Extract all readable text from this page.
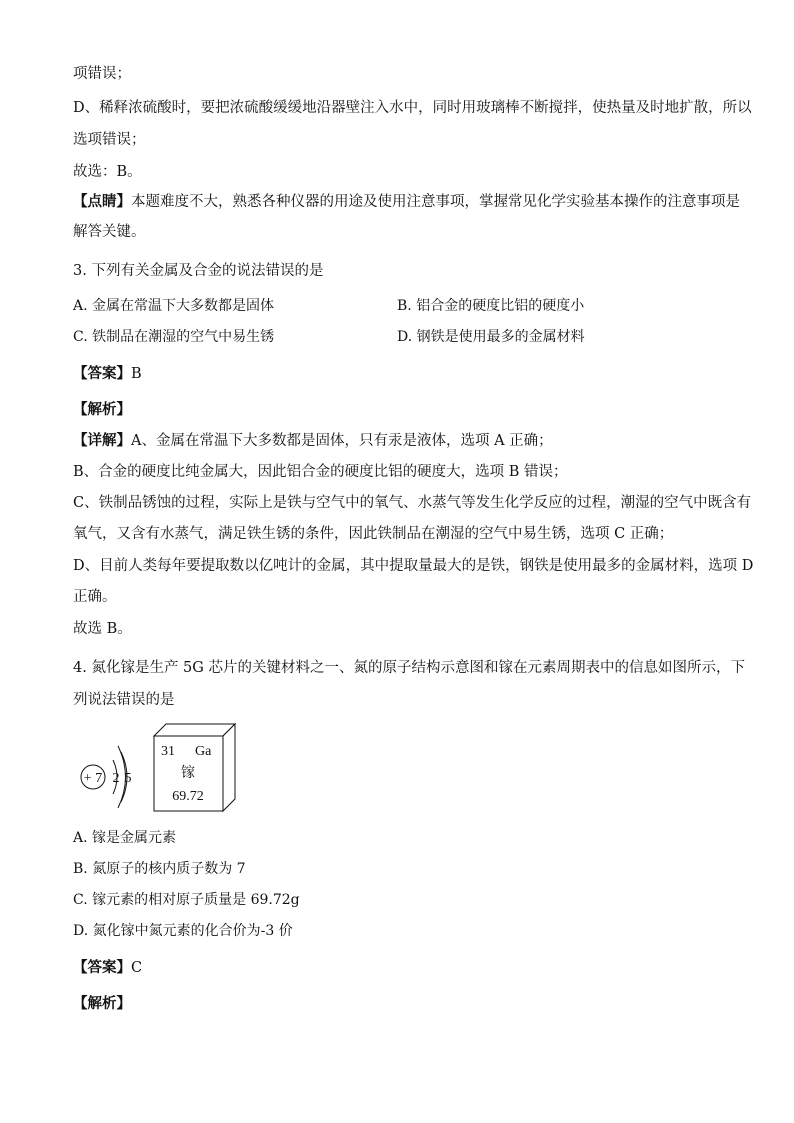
项错误；
D、稀释浓硫酸时，要把浓硫酸缓缓地沿器壁注入水中，同时用玻璃棒不断搅拌，使热量及时地扩散，所以
选项错误；
故选：B。
【 点睛 】 本题难度不大，熟悉各种仪器的用途及使用注意事项，掌握常见化学实验基本操作的注意事项是
解答关键。
3. 下列有关金属及合金的说法错误的是
A. 金属在常温下大多数都是固体	B. 铝合金的硬度比铝的硬度小
C. 铁制品在潮湿的空气中易生锈	D. 钢铁是使用最多的金属材料
【 答案 】 B
【 解析 】
【 详解 】 A、金属在常温下大多数都是固体，只有汞是液体，选项 A 正确；
B、合金的硬度比纯金属大，因此铝合金的硬度比铝的硬度大，选项 B 错误；
C、铁制品锈蚀的过程，实际上是铁与空气中的氧气、水蒸气等发生化学反应的过程，潮湿的空气中既含有
氧气，又含有水蒸气，满足铁生锈的条件，因此铁制品在潮湿的空气中易生锈，选项 C 正确；
D、目前人类每年要提取数以亿吨计的金属，其中提取量最大的是铁，钢铁是使用最多的金属材料，选项 D
正确。
故选 B。
4. 氮化镓是生产 5G 芯片的关键材料之一、氮的原子结构示意图和镓在元素周期表中的信息如图所示，下
列说法错误的是
+ 7 2 5
31 Ga
镓
69.72
A. 镓是金属元素
B. 氮原子的核内质子数为 7
C. 镓元素的相对原子质量是 69.72g
D. 氮化镓中氮元素的化合价为-3 价
【 答案 】 C
【 解析 】
